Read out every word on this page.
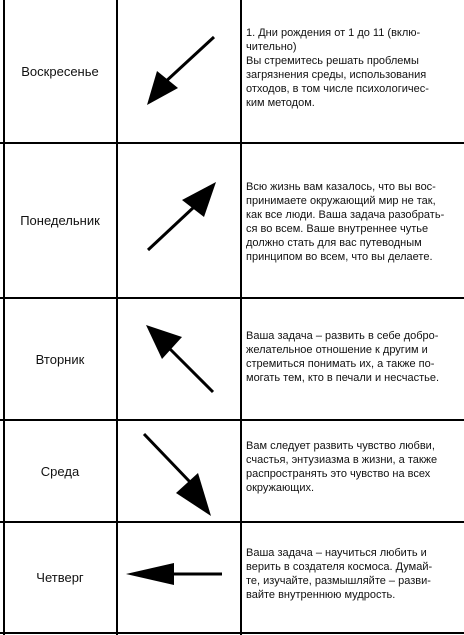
Воскресенье

1. Дни рождения от 1 до 11 (вклю-
чительно)
Вы стремитесь решать проблемы
загрязнения среды, использования
отходов, в том числе психологичес-
ким методом.

Понедельник

Всю жизнь вам казалось, что вы вос-
принимаете окружающий мир не так,
как все люди. Ваша задача разобрать-
ся во всем. Ваше внутреннее чутье
должно стать для вас путеводным
принципом во всем, что вы делаете.

Вторник

Ваша задача – развить в себе добро-
желательное отношение к другим и
стремиться понимать их, а также по-
могать тем, кто в печали и несчастье.

Среда

Вам следует развить чувство любви,
счастья, энтузиазма в жизни, а также
распространять это чувство на всех
окружающих.

Четверг

Ваша задача – научиться любить и
верить в создателя космоса. Думай-
те, изучайте, размышляйте – разви-
вайте внутреннюю мудрость.
